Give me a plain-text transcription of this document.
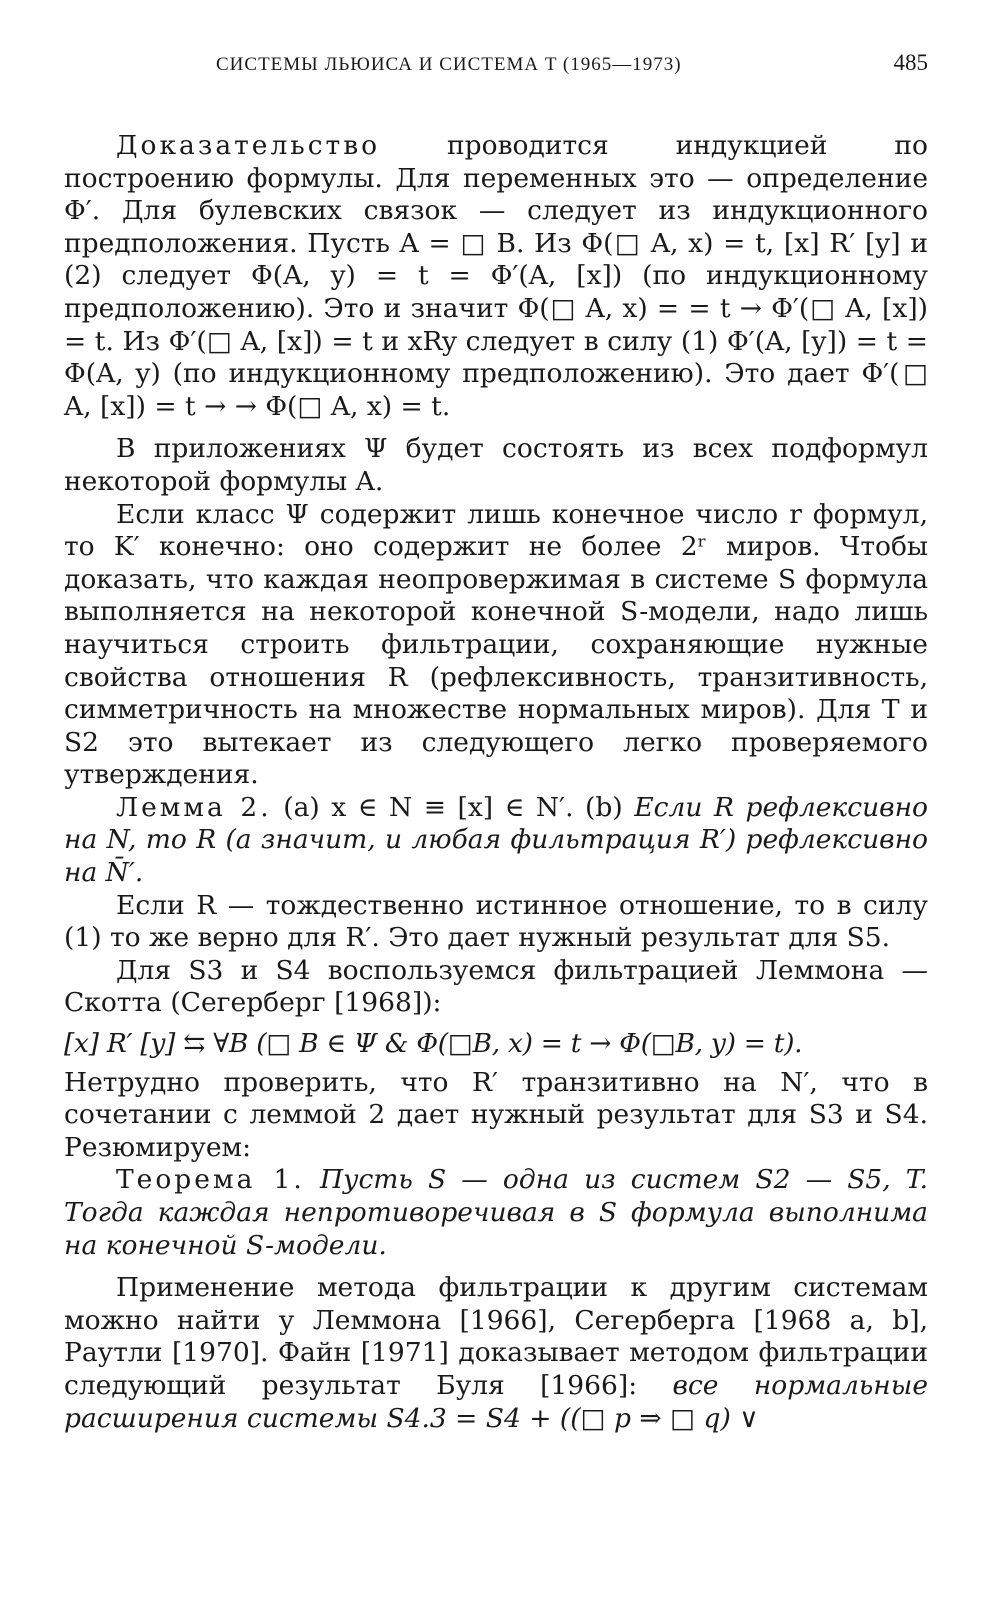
СИСТЕМЫ ЛЬЮИСА И СИСТЕМА T (1965—1973)	485

Доказательство проводится индукцией по построению формулы. Для переменных это — определение Φ′. Для булевских связок — следует из индукционного предположения. Пусть A = □ B. Из Φ(□ A, x) = t, [x] R′ [y] и (2) следует Φ(A, y) = t = Φ′(A, [x]) (по индукционному предположению). Это и значит Φ(□ A, x) = = t → Φ′(□ A, [x]) = t. Из Φ′(□ A, [x]) = t и xRy следует в силу (1) Φ′(A, [y]) = t = Φ(A, y) (по индукционному предположению). Это дает Φ′(□ A, [x]) = t → → Φ(□ A, x) = t.

В приложениях Ψ будет состоять из всех подформул некоторой формулы A.

Если класс Ψ содержит лишь конечное число r формул, то K′ конечно: оно содержит не более 2ʳ миров. Чтобы доказать, что каждая неопровержимая в системе S формула выполняется на некоторой конечной S-модели, надо лишь научиться строить фильтрации, сохраняющие нужные свойства отношения R (рефлексивность, транзитивность, симметричность на множестве нормальных миров). Для T и S2 это вытекает из следующего легко проверяемого утверждения.

Лемма 2. (a) x ∈ N ≡ [x] ∈ N′. (b) Если R рефлексивно на N, то R (а значит, и любая фильтрация R′) рефлексивно на N̄′.

Если R — тождественно истинное отношение, то в силу (1) то же верно для R′. Это дает нужный результат для S5.

Для S3 и S4 воспользуемся фильтрацией Леммона — Скотта (Сегерберг [1968]):

[x] R′ [y] ⇆ ∀B (□ B ∈ Ψ & Φ(□B, x) = t → Φ(□B, y) = t).

Нетрудно проверить, что R′ транзитивно на N′, что в сочетании с леммой 2 дает нужный результат для S3 и S4. Резюмируем:

Теорема 1. Пусть S — одна из систем S2 — S5, T. Тогда каждая непротиворечивая в S формула выполнима на конечной S-модели.

Применение метода фильтрации к другим системам можно найти у Леммона [1966], Сегерберга [1968 a, b], Раутли [1970]. Файн [1971] доказывает методом фильтрации следующий результат Буля [1966]: все нормальные расширения системы S4.3 = S4 + ((□ p ⇒ □ q) ∨
